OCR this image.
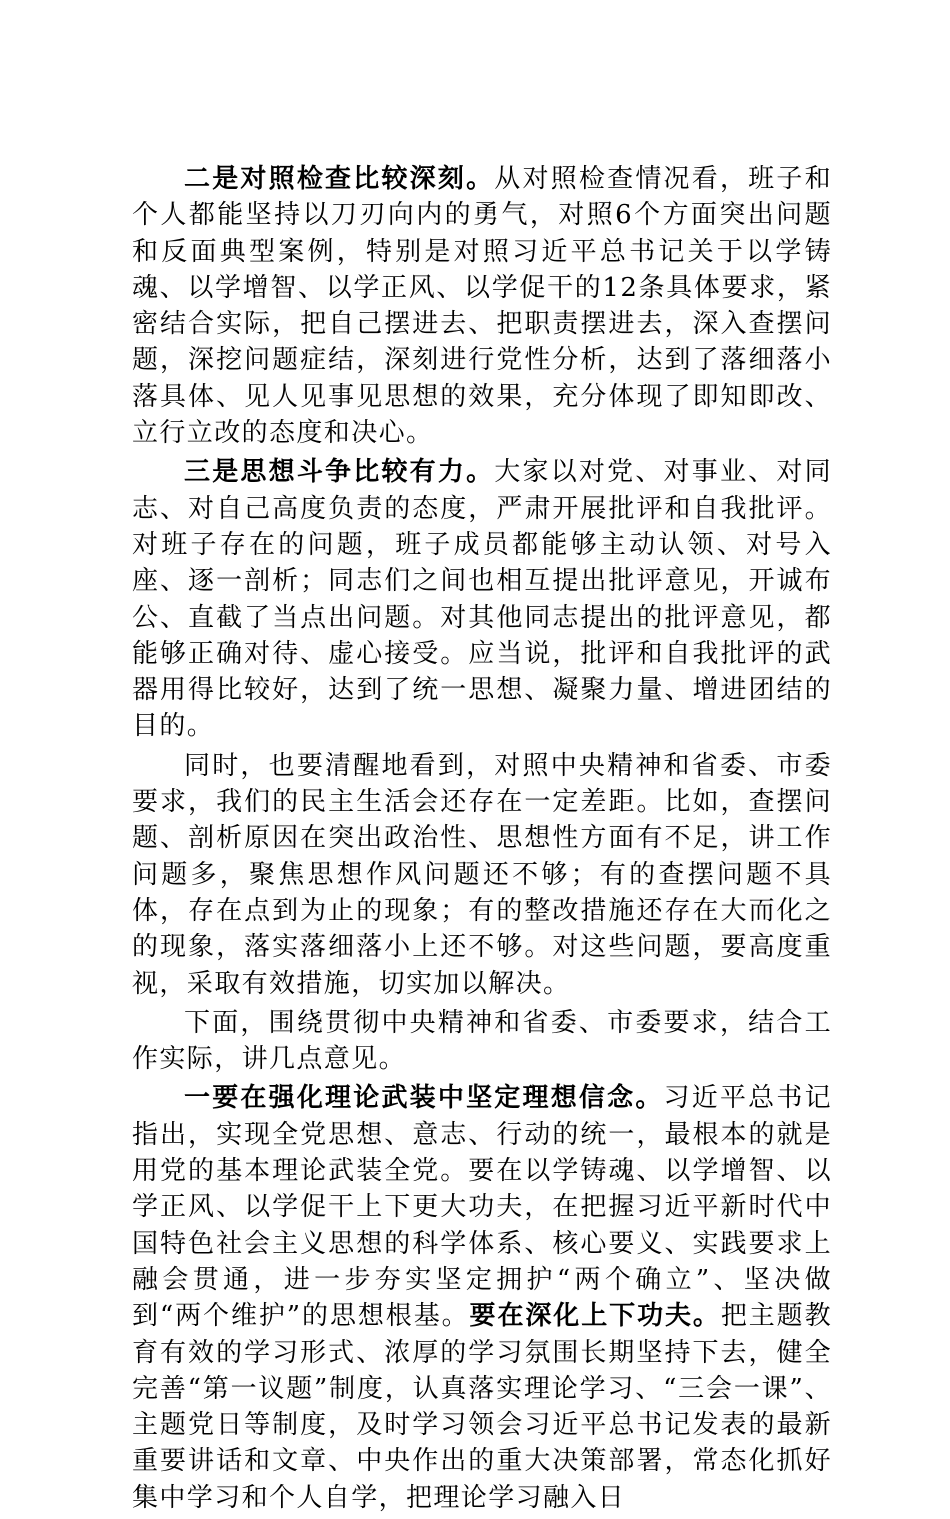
二是对照检查比较深刻。从对照检查情况看，班子和个人都能坚持以刀刃向内的勇气，对照6个方面突出问题和反面典型案例，特别是对照习近平总书记关于以学铸魂、以学增智、以学正风、以学促干的12条具体要求，紧密结合实际，把自己摆进去、把职责摆进去，深入查摆问题，深挖问题症结，深刻进行党性分析，达到了落细落小落具体、见人见事见思想的效果，充分体现了即知即改、立行立改的态度和决心。

三是思想斗争比较有力。大家以对党、对事业、对同志、对自己高度负责的态度，严肃开展批评和自我批评。对班子存在的问题，班子成员都能够主动认领、对号入座、逐一剖析；同志们之间也相互提出批评意见，开诚布公、直截了当点出问题。对其他同志提出的批评意见，都能够正确对待、虚心接受。应当说，批评和自我批评的武器用得比较好，达到了统一思想、凝聚力量、增进团结的目的。

同时，也要清醒地看到，对照中央精神和省委、市委要求，我们的民主生活会还存在一定差距。比如，查摆问题、剖析原因在突出政治性、思想性方面有不足，讲工作问题多，聚焦思想作风问题还不够；有的查摆问题不具体，存在点到为止的现象；有的整改措施还存在大而化之的现象，落实落细落小上还不够。对这些问题，要高度重视，采取有效措施，切实加以解决。

下面，围绕贯彻中央精神和省委、市委要求，结合工作实际，讲几点意见。

一要在强化理论武装中坚定理想信念。习近平总书记指出，实现全党思想、意志、行动的统一，最根本的就是用党的基本理论武装全党。要在以学铸魂、以学增智、以学正风、以学促干上下更大功夫，在把握习近平新时代中国特色社会主义思想的科学体系、核心要义、实践要求上融会贯通，进一步夯实坚定拥护“两个确立”、坚决做到“两个维护”的思想根基。要在深化上下功夫。把主题教育有效的学习形式、浓厚的学习氛围长期坚持下去，健全完善“第一议题”制度，认真落实理论学习、“三会一课”、主题党日等制度，及时学习领会习近平总书记发表的最新重要讲话和文章、中央作出的重大决策部署，常态化抓好集中学习和个人自学，把理论学习融入日
